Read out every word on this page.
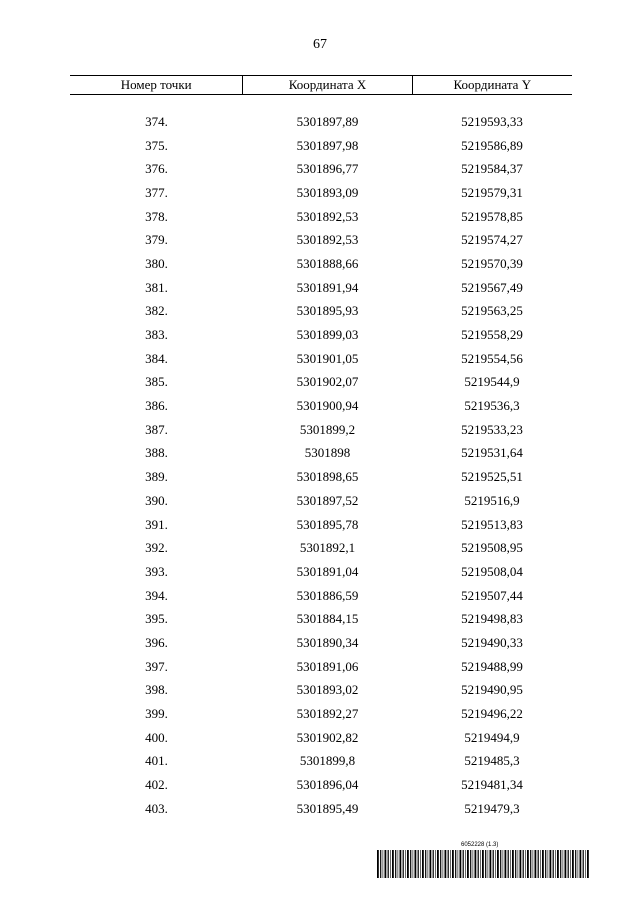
67
Номер точки	Координата X	Координата Y
374.	5301897,89	5219593,33
375.	5301897,98	5219586,89
376.	5301896,77	5219584,37
377.	5301893,09	5219579,31
378.	5301892,53	5219578,85
379.	5301892,53	5219574,27
380.	5301888,66	5219570,39
381.	5301891,94	5219567,49
382.	5301895,93	5219563,25
383.	5301899,03	5219558,29
384.	5301901,05	5219554,56
385.	5301902,07	5219544,9
386.	5301900,94	5219536,3
387.	5301899,2	5219533,23
388.	5301898	5219531,64
389.	5301898,65	5219525,51
390.	5301897,52	5219516,9
391.	5301895,78	5219513,83
392.	5301892,1	5219508,95
393.	5301891,04	5219508,04
394.	5301886,59	5219507,44
395.	5301884,15	5219498,83
396.	5301890,34	5219490,33
397.	5301891,06	5219488,99
398.	5301893,02	5219490,95
399.	5301892,27	5219496,22
400.	5301902,82	5219494,9
401.	5301899,8	5219485,3
402.	5301896,04	5219481,34
403.	5301895,49	5219479,3
6052228 (1.3)
